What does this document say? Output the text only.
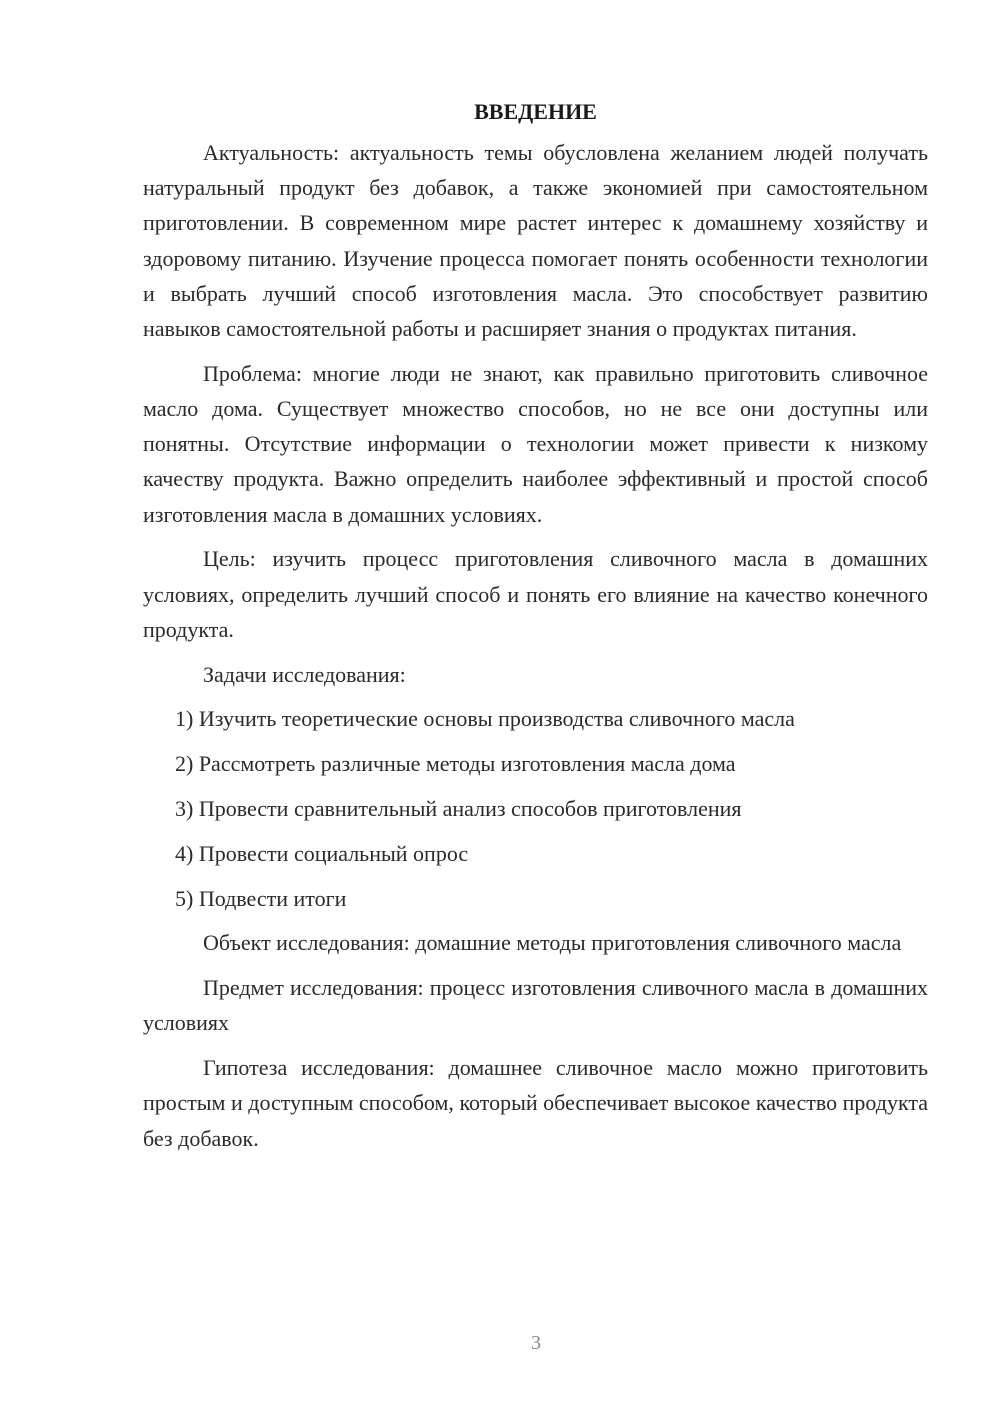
ВВЕДЕНИЕ

Актуальность: актуальность темы обусловлена желанием людей получать натуральный продукт без добавок, а также экономией при самостоятельном приготовлении. В современном мире растет интерес к домашнему хозяйству и здоровому питанию. Изучение процесса помогает понять особенности технологии и выбрать лучший способ изготовления масла. Это способствует развитию навыков самостоятельной работы и расширяет знания о продуктах питания.

Проблема: многие люди не знают, как правильно приготовить сливочное масло дома. Существует множество способов, но не все они доступны или понятны. Отсутствие информации о технологии может привести к низкому качеству продукта. Важно определить наиболее эффективный и простой способ изготовления масла в домашних условиях.

Цель: изучить процесс приготовления сливочного масла в домашних условиях, определить лучший способ и понять его влияние на качество конечного продукта.

Задачи исследования:

1) Изучить теоретические основы производства сливочного масла
2) Рассмотреть различные методы изготовления масла дома
3) Провести сравнительный анализ способов приготовления
4) Провести социальный опрос
5) Подвести итоги

Объект исследования: домашние методы приготовления сливочного масла

Предмет исследования: процесс изготовления сливочного масла в домашних условиях

Гипотеза исследования: домашнее сливочное масло можно приготовить простым и доступным способом, который обеспечивает высокое качество продукта без добавок.

3
